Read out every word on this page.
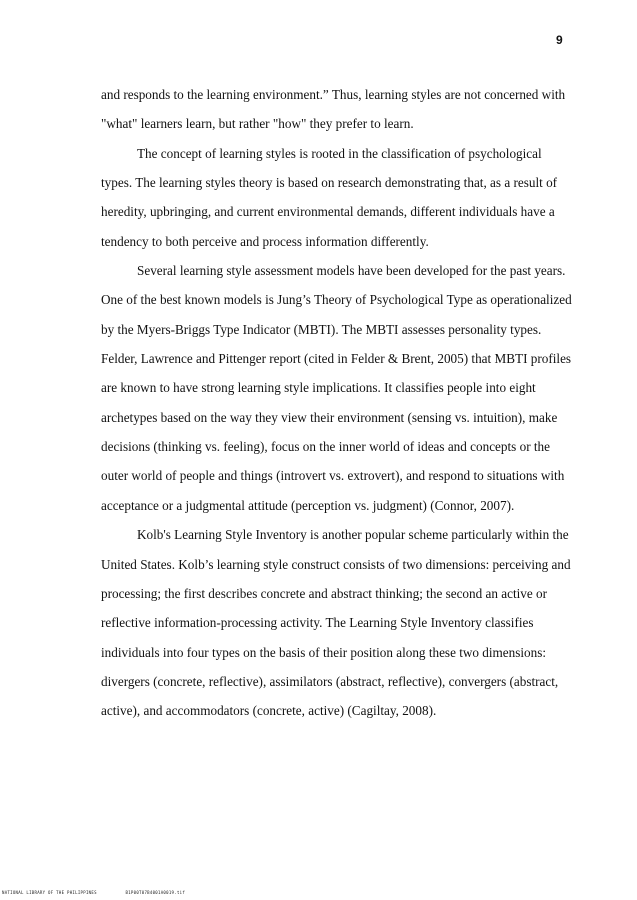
9
and responds to the learning environment.” Thus, learning styles are not concerned with
"what" learners learn, but rather "how" they prefer to learn.
The concept of learning styles is rooted in the classification of psychological
types. The learning styles theory is based on research demonstrating that, as a result of
heredity, upbringing, and current environmental demands, different individuals have a
tendency to both perceive and process information differently.
Several learning style assessment models have been developed for the past years.
One of the best known models is Jung’s Theory of Psychological Type as operationalized
by the Myers-Briggs Type Indicator (MBTI). The MBTI assesses personality types.
Felder, Lawrence and Pittenger report (cited in Felder & Brent, 2005) that MBTI profiles
are known to have strong learning style implications. It classifies people into eight
archetypes based on the way they view their environment (sensing vs. intuition), make
decisions (thinking vs. feeling), focus on the inner world of ideas and concepts or the
outer world of people and things (introvert vs. extrovert), and respond to situations with
acceptance or a judgmental attitude (perception vs. judgment) (Connor, 2007).
Kolb's Learning Style Inventory is another popular scheme particularly within the
United States. Kolb’s learning style construct consists of two dimensions: perceiving and
processing; the first describes concrete and abstract thinking; the second an active or
reflective information-processing activity. The Learning Style Inventory classifies
individuals into four types on the basis of their position along these two dimensions:
divergers (concrete, reflective), assimilators (abstract, reflective), convergers (abstract,
active), and accommodators (concrete, active) (Cagiltay, 2008).
NATIONAL LIBRARY OF THE PHILIPPINES	B1P00T07B4001A0019.tif
